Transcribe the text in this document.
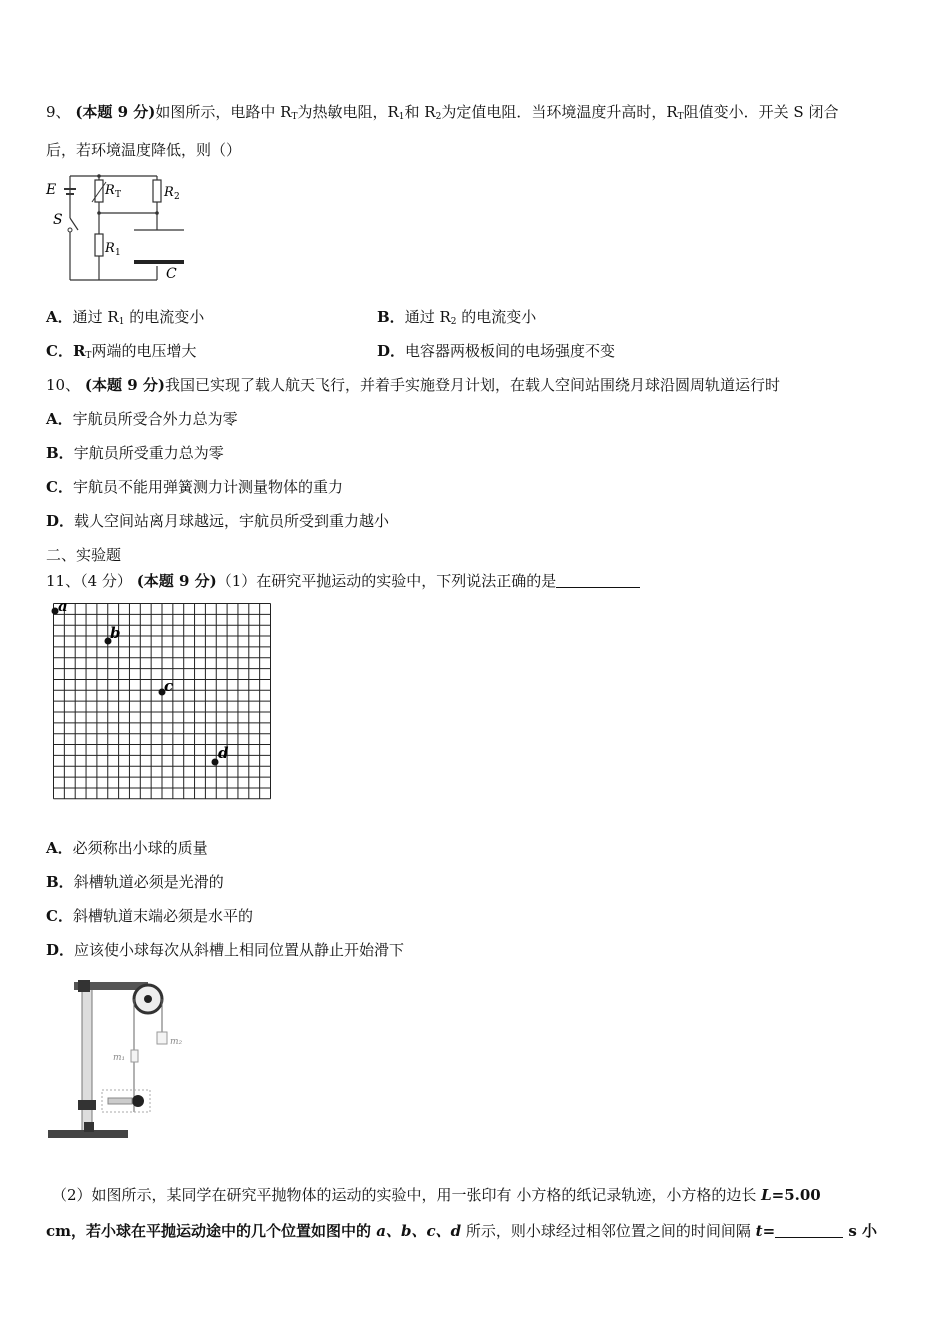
9、 (本题 9 分)如图所示，电路中 $R_T$为热敏电阻，$R_1$和 $R_2$为定值电阻．当环境温度升高时，$R_T$阻值变小．开关 S 闭合
后，若环境温度降低，则（）
E
S
R T	R 2
R 1
C
A．通过 $R_1$ 的电流变小	B．通过 $R_2$ 的电流变小
C．$R_T$两端的电压增大	D．电容器两极板间的电场强度不变
10、 (本题 9 分)我国已实现了载人航天飞行，并着手实施登月计划，在载人空间站围绕月球沿圆周轨道运行时
A．宇航员所受合外力总为零
B．宇航员所受重力总为零
C．宇航员不能用弹簧测力计测量物体的重力
D．载人空间站离月球越远，宇航员所受到重力越小
二、实验题
11、（4 分） (本题 9 分)（1）在研究平抛运动的实验中，下列说法正确的是
a
b
c
d
A．必须称出小球的质量
B．斜槽轨道必须是光滑的
C．斜槽轨道末端必须是水平的
D．应该使小球每次从斜槽上相同位置从静止开始滑下
m₂
m₁
（2）如图所示，某同学在研究平抛物体的运动的实验中，用一张印有 小方格的纸记录轨迹，小方格的边长 L=5.00
cm，若小球在平抛运动途中的几个位置如图中的 a、b、c、d 所示，则小球经过相邻位置之间的时间间隔 t=	s 小
